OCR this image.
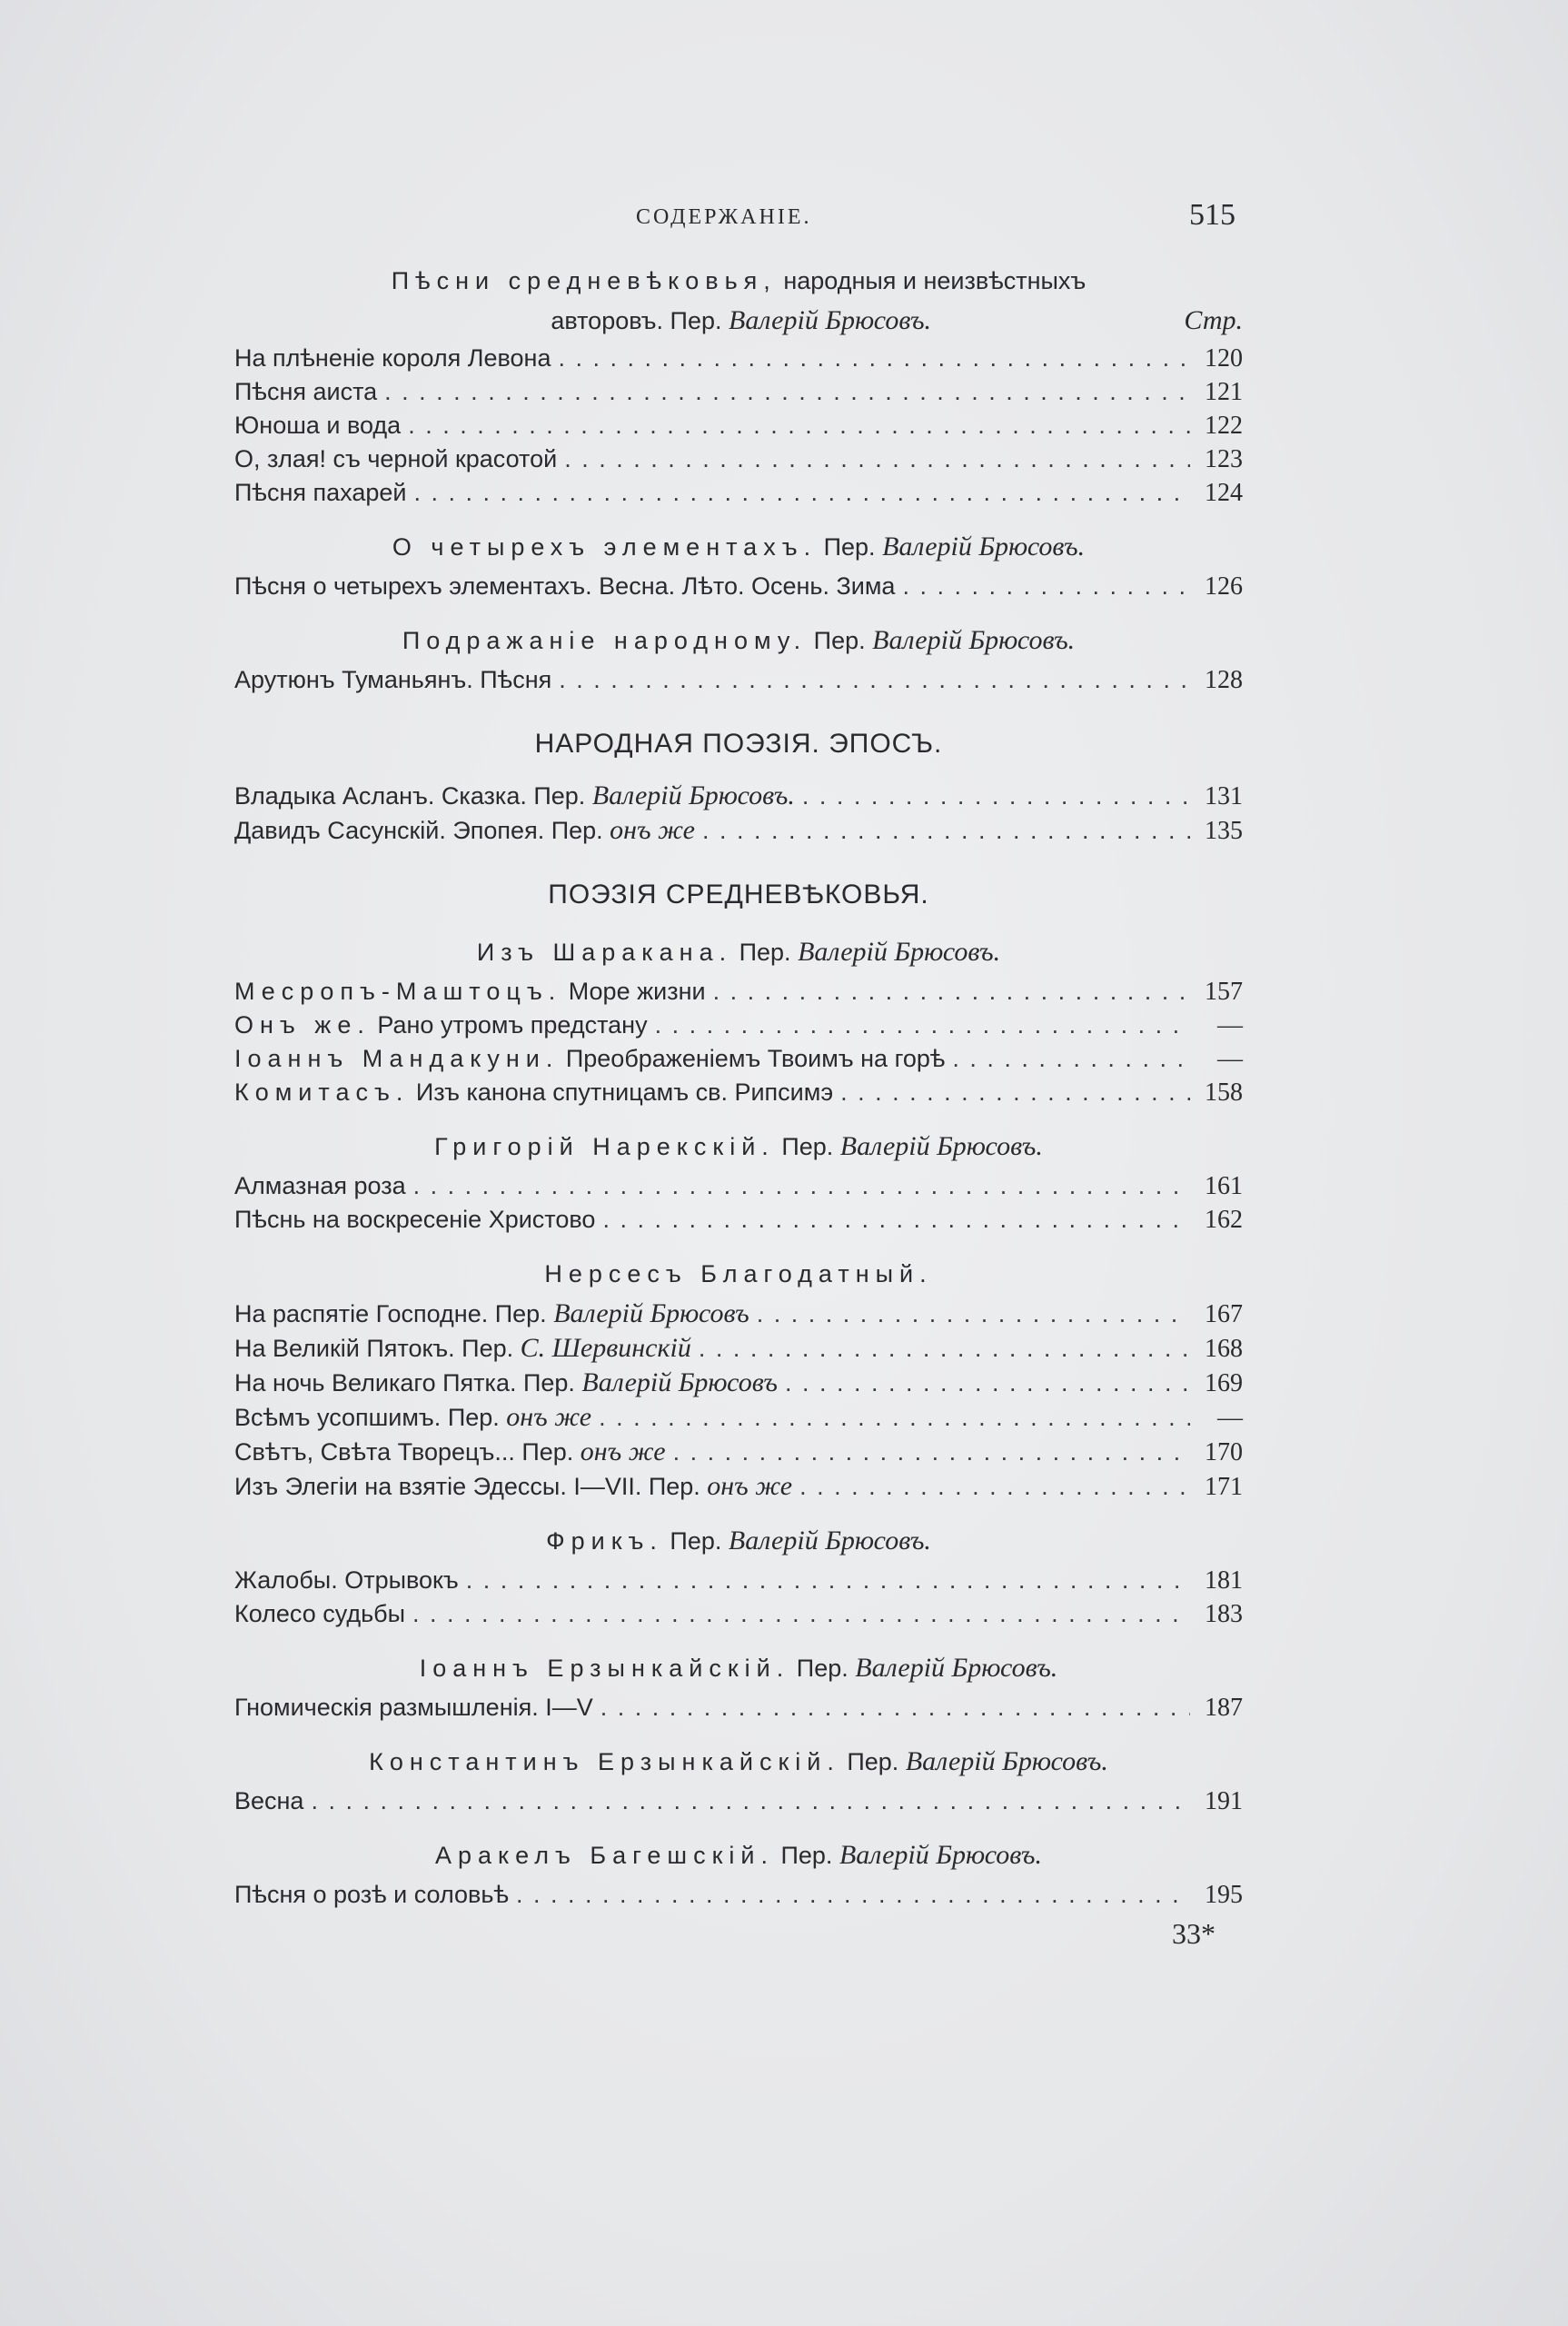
СОДЕРЖАНІЕ.	515
Пѣсни средневѣковья, народныя и неизвѣстныхъ
авторовъ. Пер. Валерій Брюсовъ.	Стр.
На плѣненіе короля Левона . . .	120
Пѣсня аиста . . .	121
Юноша и вода . . .	122
О, злая! съ черной красотой . . .	123
Пѣсня пахарей . . .	124
О четырехъ элементахъ. Пер. Валерій Брюсовъ.
Пѣсня о четырехъ элементахъ. Весна. Лѣто. Осень. Зима . . .	126
Подражаніе народному. Пер. Валерій Брюсовъ.
Арутюнъ Туманьянъ. Пѣсня . . .	128
НАРОДНАЯ ПОЭЗІЯ. ЭПОСЪ.
Владыка Асланъ. Сказка. Пер. Валерій Брюсовъ. . . .	131
Давидъ Сасунскій. Эпопея. Пер. онъ же . . .	135
ПОЭЗІЯ СРЕДНЕВѢКОВЬЯ.
Изъ Шаракана. Пер. Валерій Брюсовъ.
Месропъ-Маштоцъ. Море жизни . . .	157
Онъ же. Рано утромъ предстану . . .	—
Іоаннъ Мандакуни. Преображеніемъ Твоимъ на горѣ . . .	—
Комитасъ. Изъ канона спутницамъ св. Рипсимэ . . .	158
Григорій Нарекскій. Пер. Валерій Брюсовъ.
Алмазная роза . . .	161
Пѣснь на воскресеніе Христово . . .	162
Нерсесъ Благодатный.
На распятіе Господне. Пер. Валерій Брюсовъ . . .	167
На Великій Пятокъ. Пер. С. Шервинскій . . .	168
На ночь Великаго Пятка. Пер. Валерій Брюсовъ . . .	169
Всѣмъ усопшимъ. Пер. онъ же . . .	—
Свѣтъ, Свѣта Творецъ... Пер. онъ же . . .	170
Изъ Элегіи на взятіе Эдессы. I—VII. Пер. онъ же . . .	171
Фрикъ. Пер. Валерій Брюсовъ.
Жалобы. Отрывокъ . . .	181
Колесо судьбы . . .	183
Іоаннъ Ерзынкайскій. Пер. Валерій Брюсовъ.
Гномическія размышленія. I—V . . .	187
Константинъ Ерзынкайскій. Пер. Валерій Брюсовъ.
Весна . . .	191
Аракелъ Багешскій. Пер. Валерій Брюсовъ.
Пѣсня о розѣ и соловьѣ . . .	195
33*
